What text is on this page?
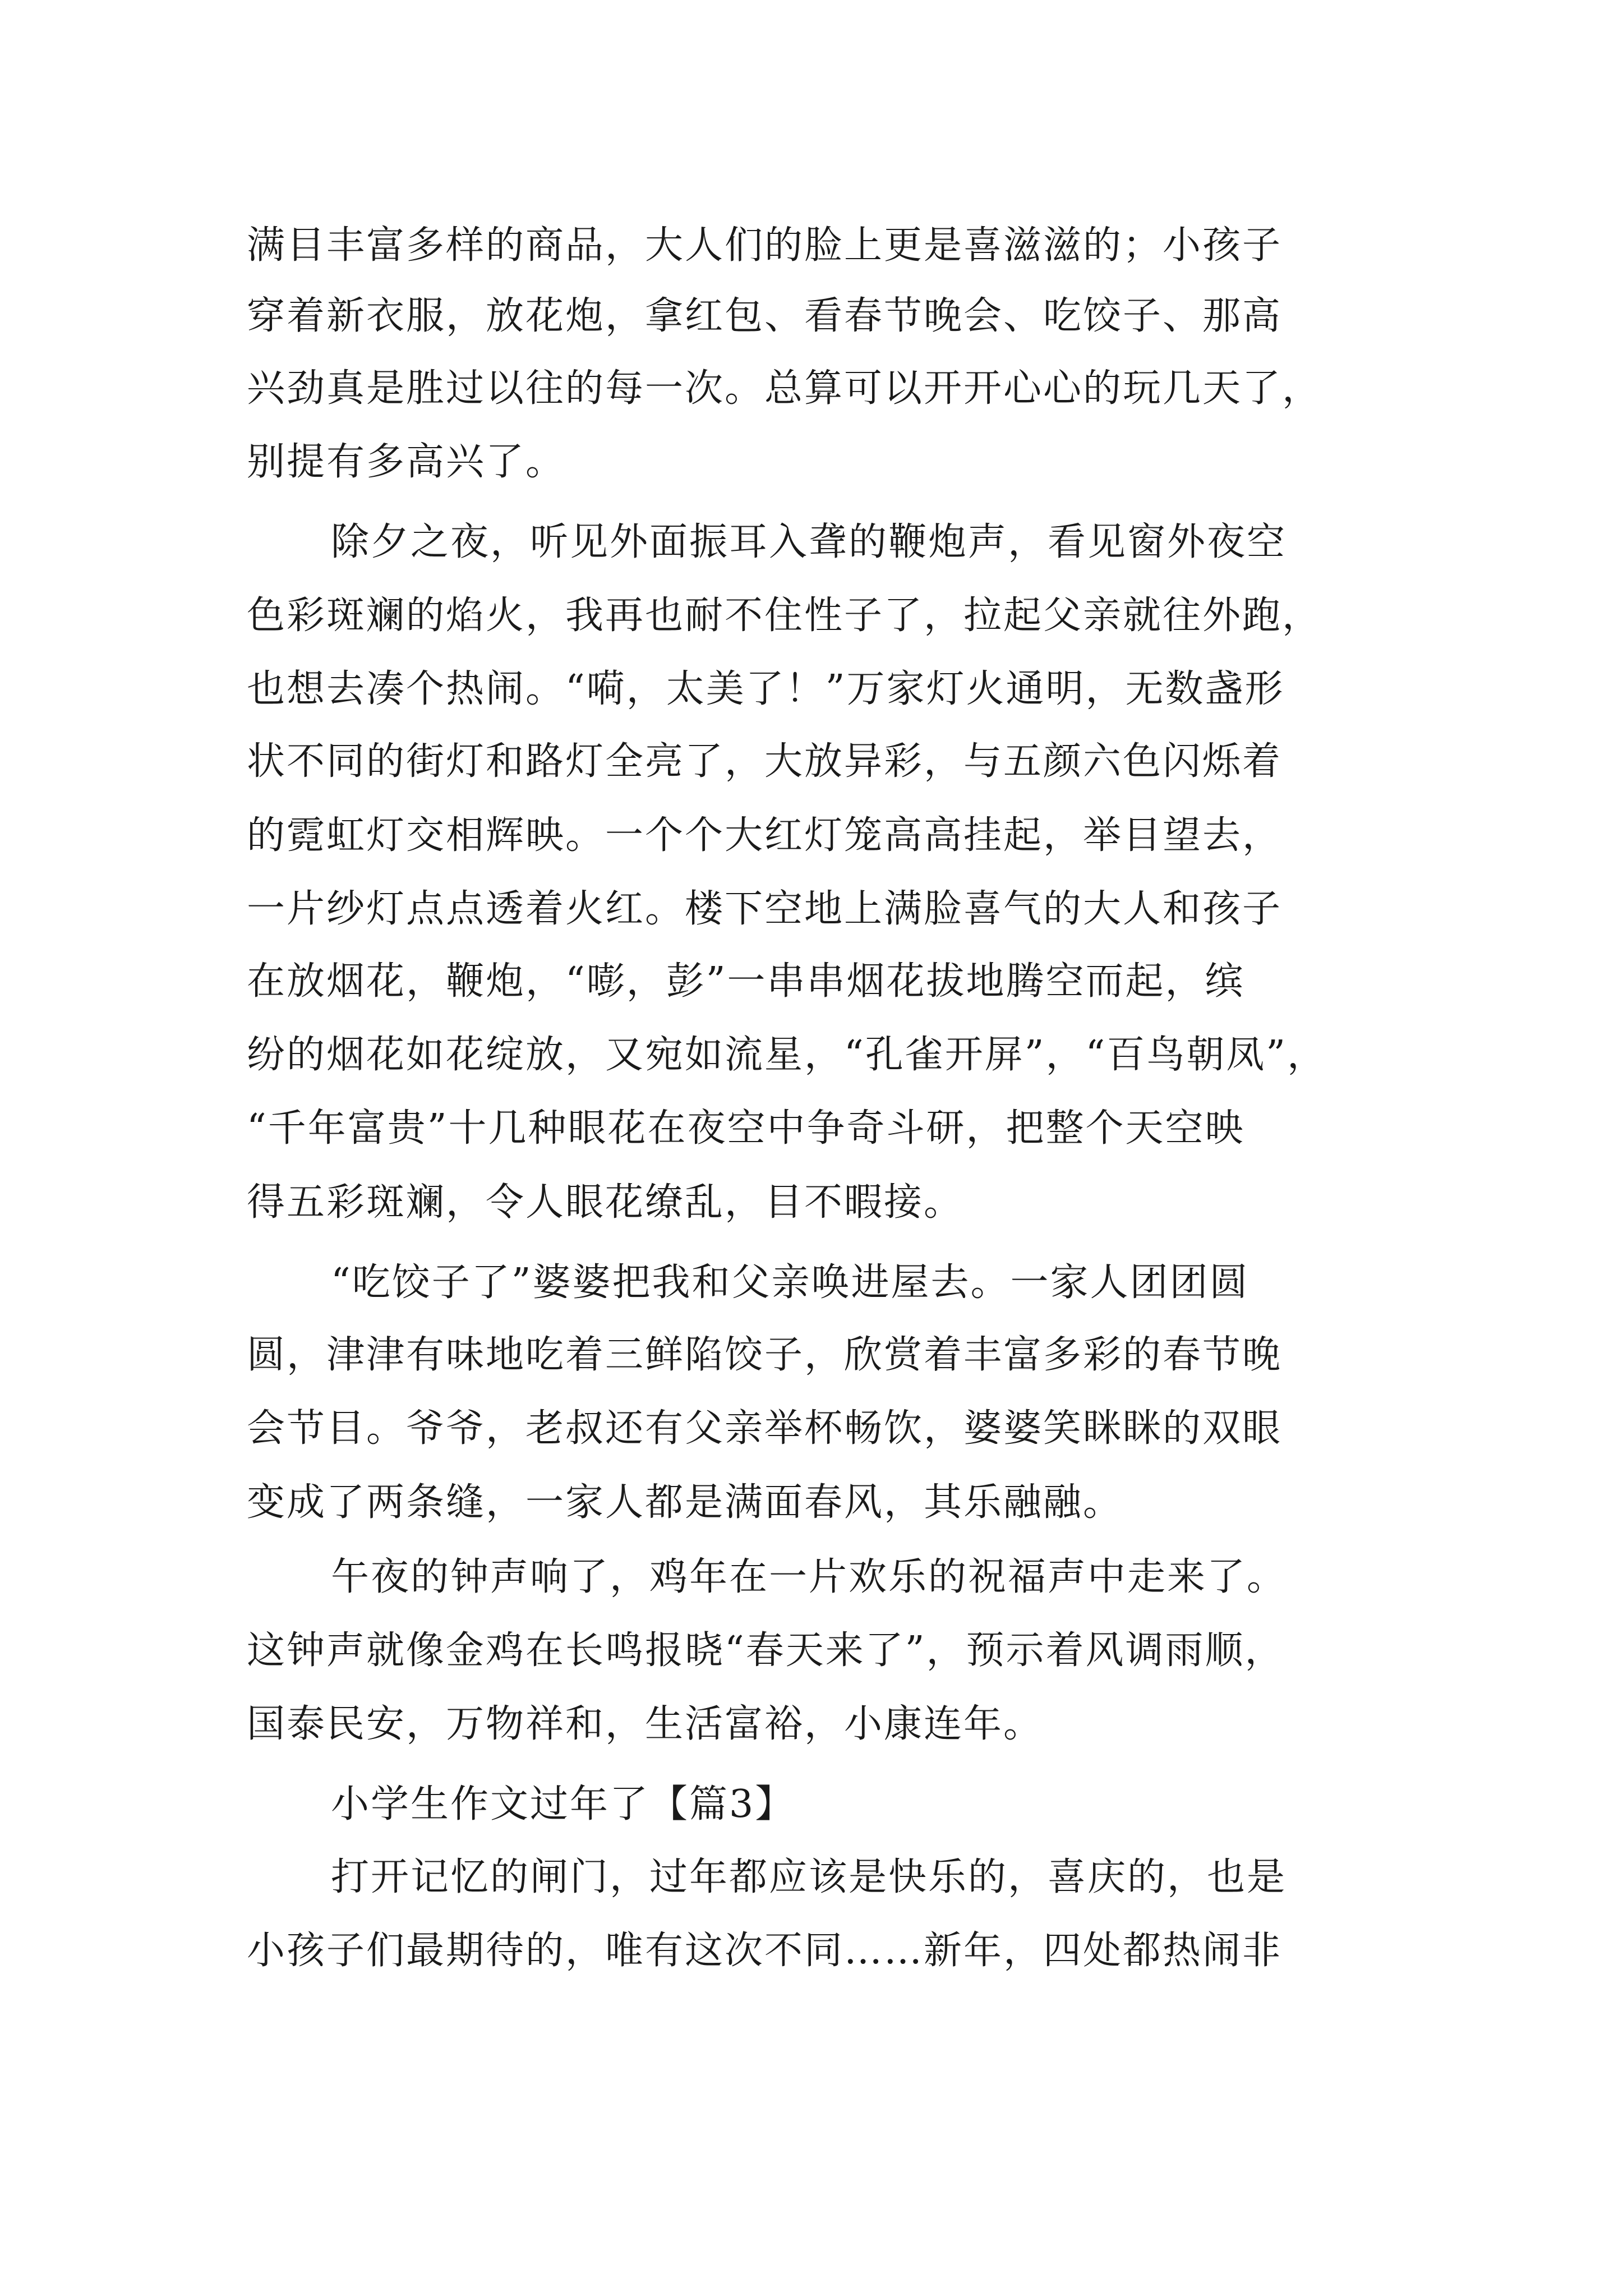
满目丰富多样的商品，大人们的脸上更是喜滋滋的；小孩子
穿着新衣服，放花炮，拿红包、看春节晚会、吃饺子、那高
兴劲真是胜过以往的每一次。总算可以开开心心的玩几天了，
别提有多高兴了。
除夕之夜，听见外面振耳入聋的鞭炮声，看见窗外夜空
色彩斑斓的焰火，我再也耐不住性子了，拉起父亲就往外跑，
也想去凑个热闹。“嗬，太美了！”万家灯火通明，无数盏形
状不同的街灯和路灯全亮了，大放异彩，与五颜六色闪烁着
的霓虹灯交相辉映。一个个大红灯笼高高挂起，举目望去，
一片纱灯点点透着火红。楼下空地上满脸喜气的大人和孩子
在放烟花，鞭炮，“嘭，彭”一串串烟花拔地腾空而起，缤
纷的烟花如花绽放，又宛如流星，“孔雀开屏”，“百鸟朝凤”，
“千年富贵”十几种眼花在夜空中争奇斗研，把整个天空映
得五彩斑斓，令人眼花缭乱，目不暇接。
“吃饺子了”婆婆把我和父亲唤进屋去。一家人团团圆
圆，津津有味地吃着三鲜陷饺子，欣赏着丰富多彩的春节晚
会节目。爷爷，老叔还有父亲举杯畅饮，婆婆笑眯眯的双眼
变成了两条缝，一家人都是满面春风，其乐融融。
午夜的钟声响了，鸡年在一片欢乐的祝福声中走来了。
这钟声就像金鸡在长鸣报晓“春天来了”，预示着风调雨顺，
国泰民安，万物祥和，生活富裕，小康连年。
小学生作文过年了【篇3】
打开记忆的闸门，过年都应该是快乐的，喜庆的，也是
小孩子们最期待的，唯有这次不同……新年，四处都热闹非
